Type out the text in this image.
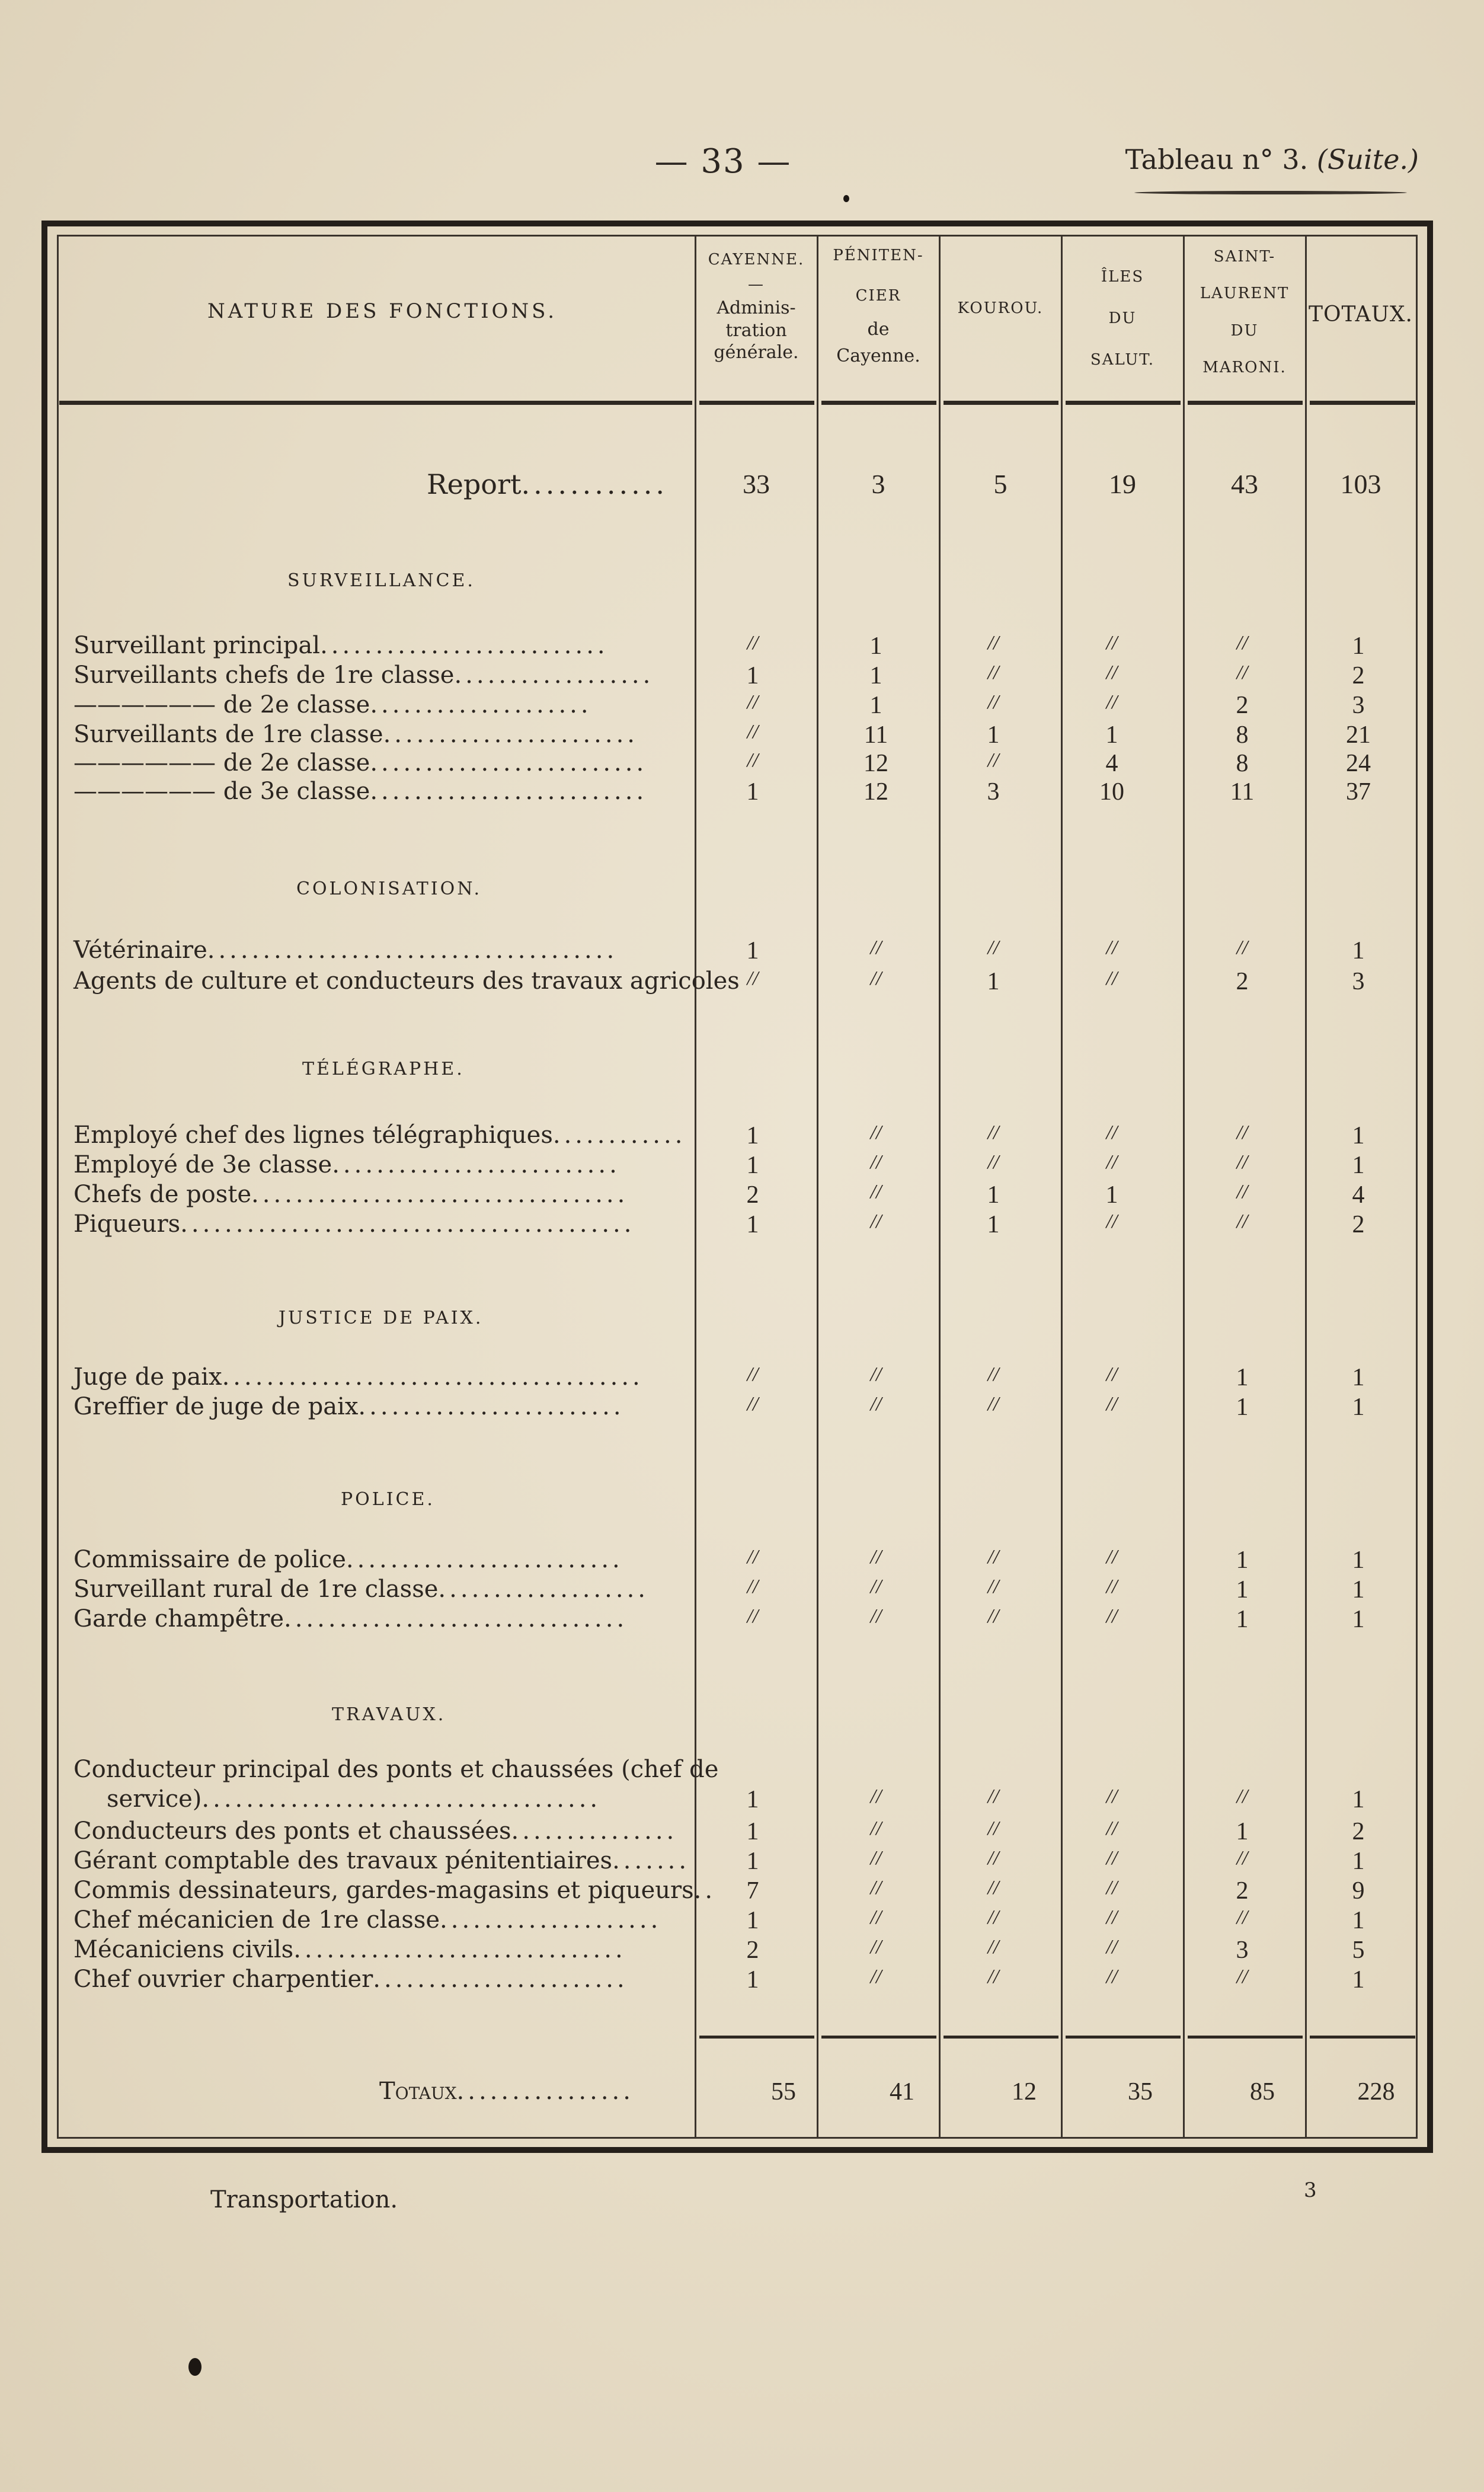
— 33 —	Tableau n° 3. (Suite.)
NATURE DES FONCTIONS.
CAYENNE.
—
Adminis-
tration
générale.
PÉNITEN-
CIER
de
Cayenne.
KOUROU.
ÎLES
DU
SALUT.
SAINT-
LAURENT
DU
MARONI.
TOTAUX.
Report............	33	3	5	19	43	103
SURVEILLANCE.
COLONISATION.
TÉLÉGRAPHE.
JUSTICE DE PAIX.
POLICE.
TRAVAUX.
Surveillant principal..........................	//	1	//	//	//	1
Surveillants chefs de 1re classe..................	1	1	//	//	//	2
—————— de 2e classe....................	//	1	//	//	2	3
Surveillants de 1re classe.......................	//	11	1	1	8	21
—————— de 2e classe.........................	//	12	//	4	8	24
—————— de 3e classe.........................	1	12	3	10	11	37
Vétérinaire.....................................	1	//	//	//	//	1
Agents de culture et conducteurs des travaux agricoles //	//	1	//	2	3
Employé chef des lignes télégraphiques............	1	//	//	//	//	1
Employé de 3e classe..........................	1	//	//	//	//	1
Chefs de poste..................................	2	//	1	1	//	4
Piqueurs.........................................	1	//	1	//	//	2
Juge de paix......................................	//	//	//	//	1	1
Greffier de juge de paix........................	//	//	//	//	1	1
Commissaire de police.........................	//	//	//	//	1	1
Surveillant rural de 1re classe...................	//	//	//	//	1	1
Garde champêtre...............................	//	//	//	//	1	1
Conducteur principal des ponts et chaussées (chef de
service)....................................	1	//	//	//	//	1
Conducteurs des ponts et chaussées...............	1	//	//	//	1	2
Gérant comptable des travaux pénitentiaires.......	1	//	//	//	//	1
Commis dessinateurs, gardes-magasins et piqueurs..	7	//	//	//	2	9
Chef mécanicien de 1re classe....................	1	//	//	//	//	1
Mécaniciens civils..............................	2	//	//	//	3	5
Chef ouvrier charpentier.......................	1	//	//	//	//	1
Totaux................	55	41	12	35	85	228
Transportation.	3
